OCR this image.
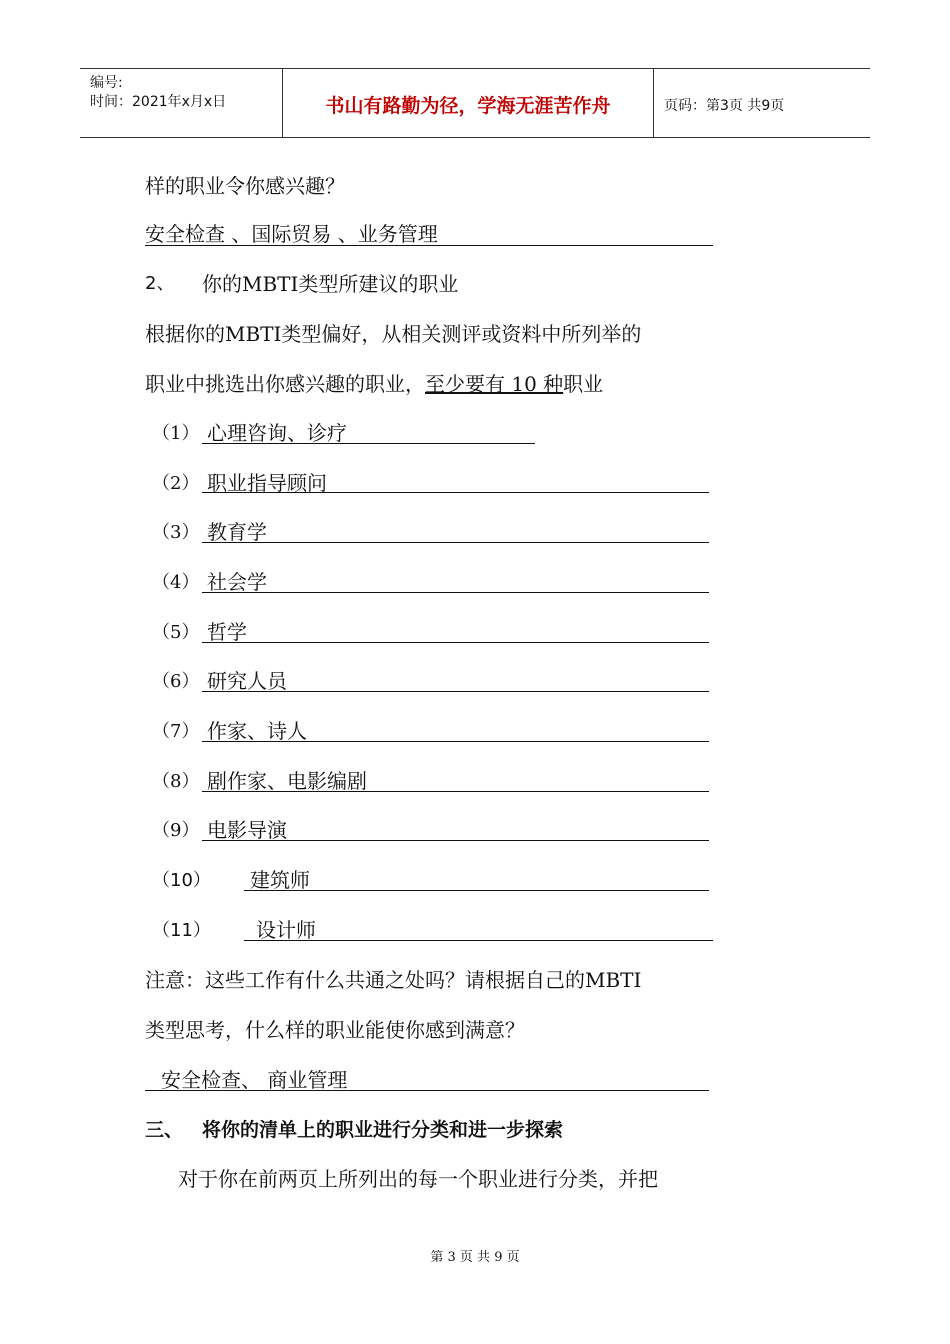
编号:
时间：2021年x月x日	书山有路勤为径，学海无涯苦作舟	页码：第3页 共9页
样的职业令你感兴趣？
安全检查 、国际贸易 、业务管理
2、 你的MBTI类型所建议的职业
根据你的MBTI类型偏好，从相关测评或资料中所列举的
职业中挑选出你感兴趣的职业，至少要有 10 种职业
（1） 心理咨询、诊疗
（2） 职业指导顾问
（3） 教育学
（4） 社会学
（5） 哲学
（6） 研究人员
（7） 作家、诗人
（8） 剧作家、电影编剧
（9） 电影导演
（10） 建筑师
（11） 设计师
注意：这些工作有什么共通之处吗？请根据自己的MBTI
类型思考，什么样的职业能使你感到满意？
安全检查、 商业管理
三、 将你的清单上的职业进行分类和进一步探索
对于你在前两页上所列出的每一个职业进行分类，并把
第 3 页 共 9 页
